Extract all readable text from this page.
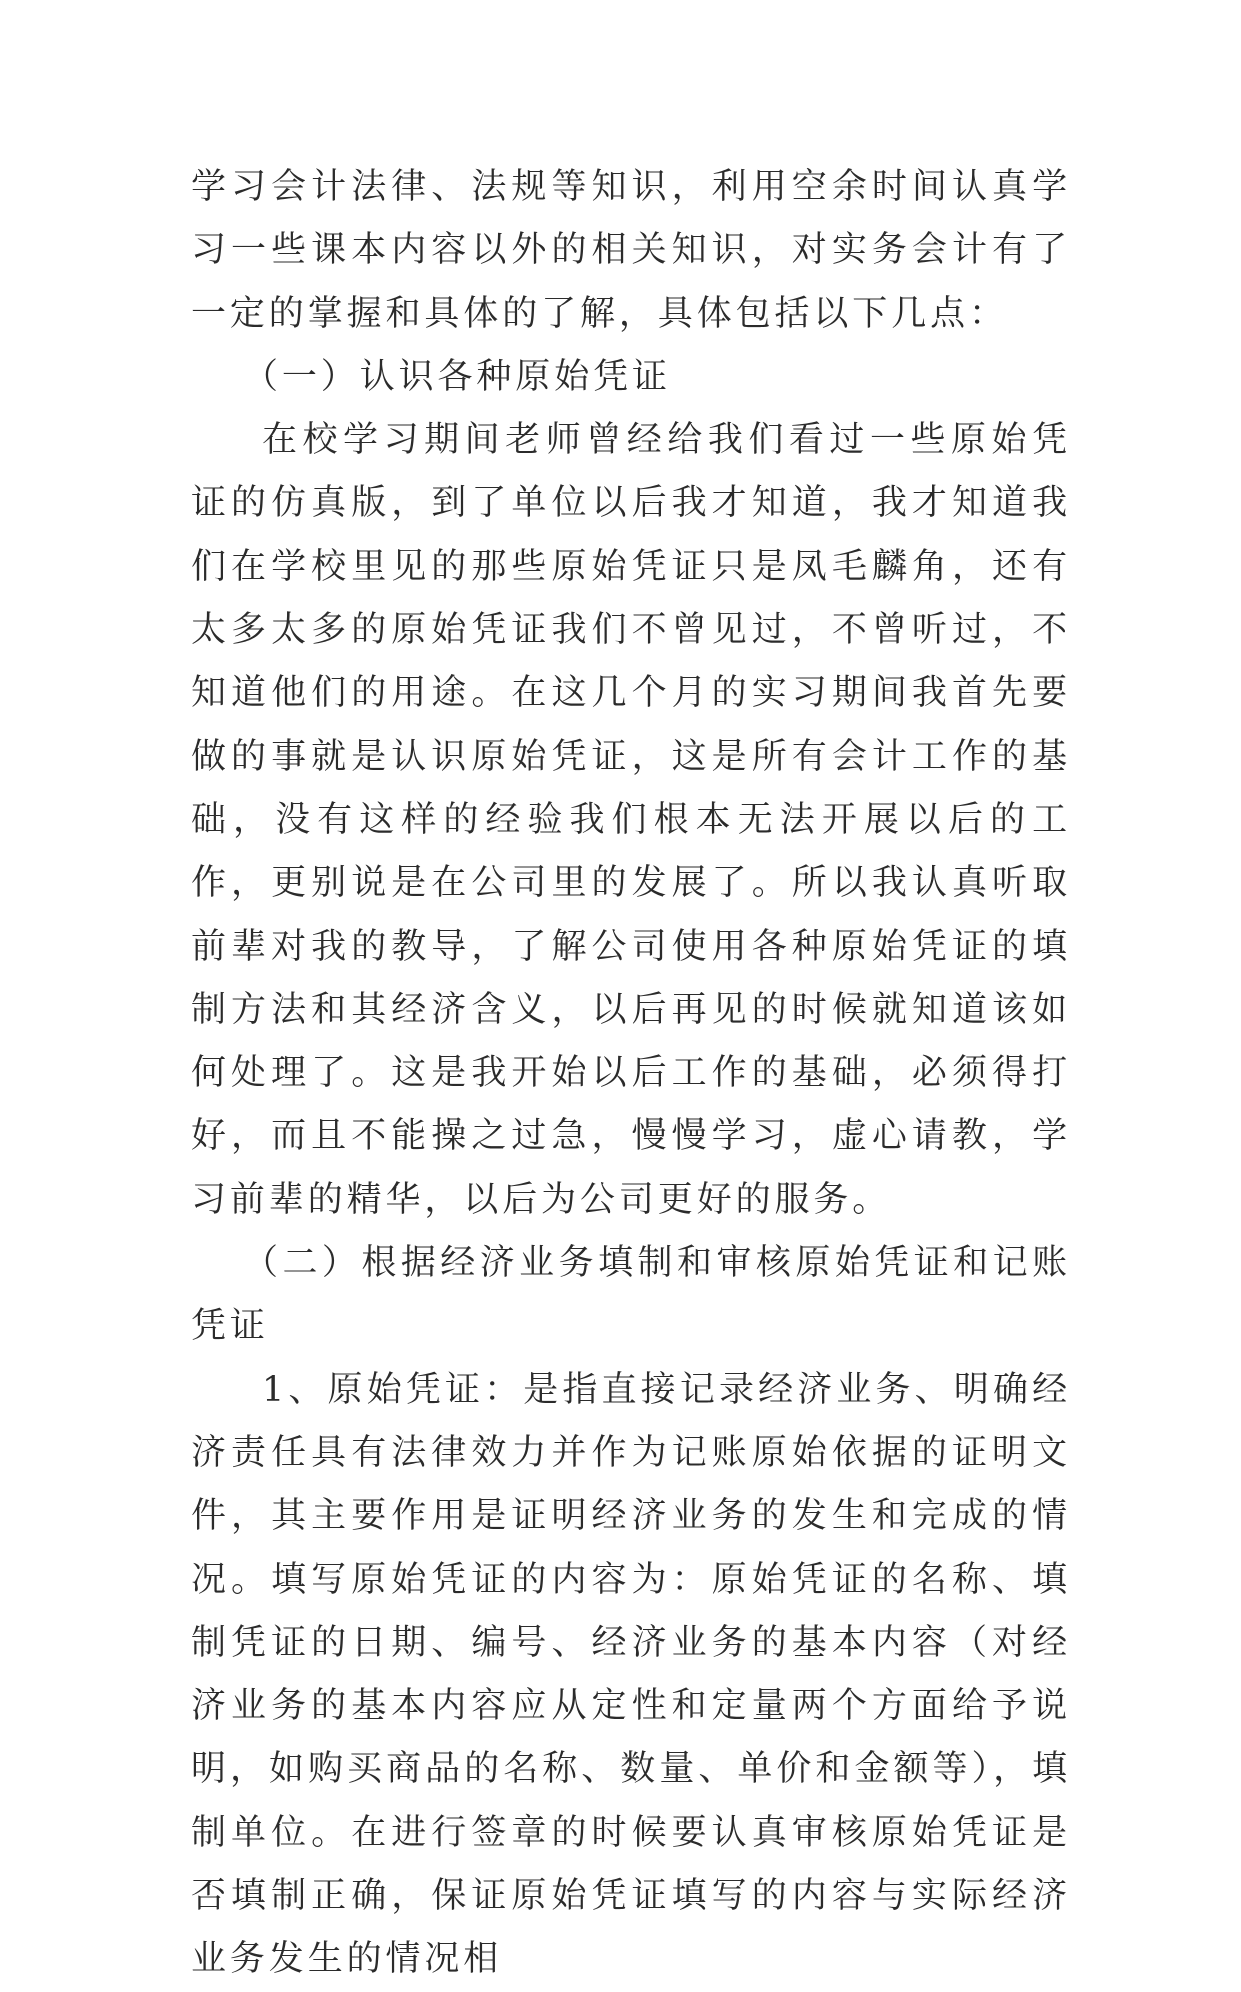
学习会计法律、法规等知识，利用空余时间认真学习一些课本内容以外的相关知识，对实务会计有了一定的掌握和具体的了解，具体包括以下几点：

（一）认识各种原始凭证

在校学习期间老师曾经给我们看过一些原始凭证的仿真版，到了单位以后我才知道，我才知道我们在学校里见的那些原始凭证只是凤毛麟角，还有太多太多的原始凭证我们不曾见过，不曾听过，不知道他们的用途。在这几个月的实习期间我首先要做的事就是认识原始凭证，这是所有会计工作的基础，没有这样的经验我们根本无法开展以后的工作，更别说是在公司里的发展了。所以我认真听取前辈对我的教导，了解公司使用各种原始凭证的填制方法和其经济含义，以后再见的时候就知道该如何处理了。这是我开始以后工作的基础，必须得打好，而且不能操之过急，慢慢学习，虚心请教，学习前辈的精华，以后为公司更好的服务。

（二）根据经济业务填制和审核原始凭证和记账凭证

1、原始凭证：是指直接记录经济业务、明确经济责任具有法律效力并作为记账原始依据的证明文件，其主要作用是证明经济业务的发生和完成的情况。填写原始凭证的内容为：原始凭证的名称、填制凭证的日期、编号、经济业务的基本内容（对经济业务的基本内容应从定性和定量两个方面给予说明，如购买商品的名称、数量、单价和金额等），填制单位。在进行签章的时候要认真审核原始凭证是否填制正确，保证原始凭证填写的内容与实际经济业务发生的情况相
